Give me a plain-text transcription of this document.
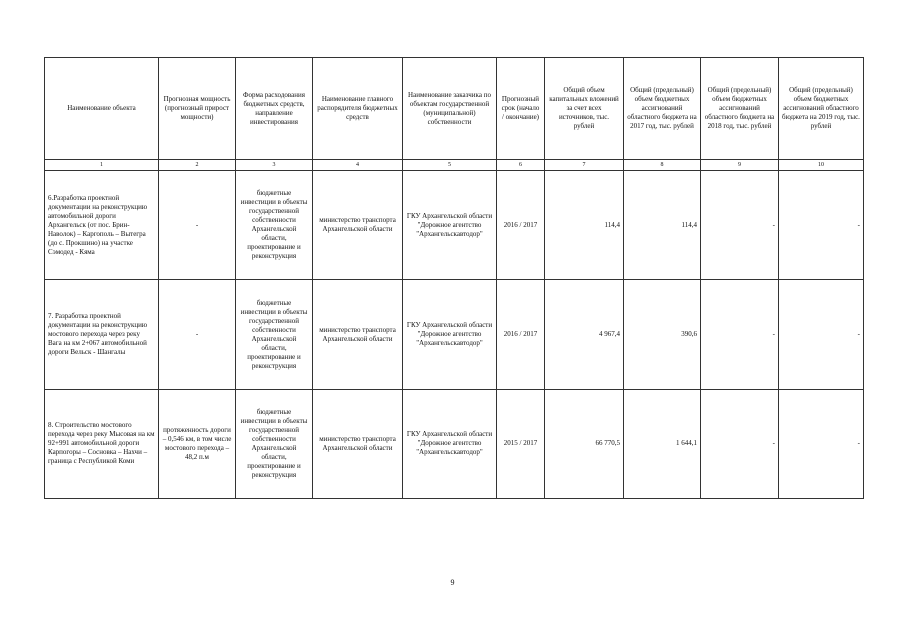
Наименование объекта	Прогнозная мощность (прогнозный прирост мощности)	Форма расходования бюджетных средств, направление инвестирования	Наименование главного распорядителя бюджетных средств	Наименование заказчика по объектам государственной (муниципальной) собственности	Прогнозный срок (начало / окончание)	Общий объем капитальных вложений за счет всех источников, тыс. рублей	Общий (предельный) объем бюджетных ассигнований областного бюджета на 2017 год, тыс. рублей	Общий (предельный) объем бюджетных ассигнований областного бюджета на 2018 год, тыс. рублей	Общий (предельный) объем бюджетных ассигнований областного бюджета на 2019 год, тыс. рублей
1	2	3	4	5	6	7	8	9	10
6.Разработка проектной документации на реконструкцию автомобильной дороги Архангельск (от пос. Брин-Наволок) – Каргополь – Вытегра (до с. Прокшино) на участке Сэмодед - Кяма	-	бюджетные инвестиции в объекты государственной собственности Архангельской области, проектирование и реконструкция	министерство транспорта Архангельской области	ГКУ Архангельской области "Дорожное агентство "Архангельскавтодор"	2016 / 2017	114,4	114,4	-	-
7. Разработка проектной документации на реконструкцию мостового перехода через реку Вага на км 2+067 автомобильной дороги Вельск - Шангалы	-	бюджетные инвестиции в объекты государственной собственности Архангельской области, проектирование и реконструкция	министерство транспорта Архангельской области	ГКУ Архангельской области "Дорожное агентство "Архангельскавтодор"	2016 / 2017	4 967,4	390,6	-	-
8. Строительство мостового перехода через реку Мысовая на км 92+991 автомобильной дороги Карпогоры – Сосновка – Нахчи – граница с Республикой Коми	протяженность дороги – 0,546 км, в том числе мостового перехода – 48,2 п.м	бюджетные инвестиции в объекты государственной собственности Архангельской области, проектирование и реконструкция	министерство транспорта Архангельской области	ГКУ Архангельской области "Дорожное агентство "Архангельскавтодор"	2015 / 2017	66 770,5	1 644,1	-	-
9
